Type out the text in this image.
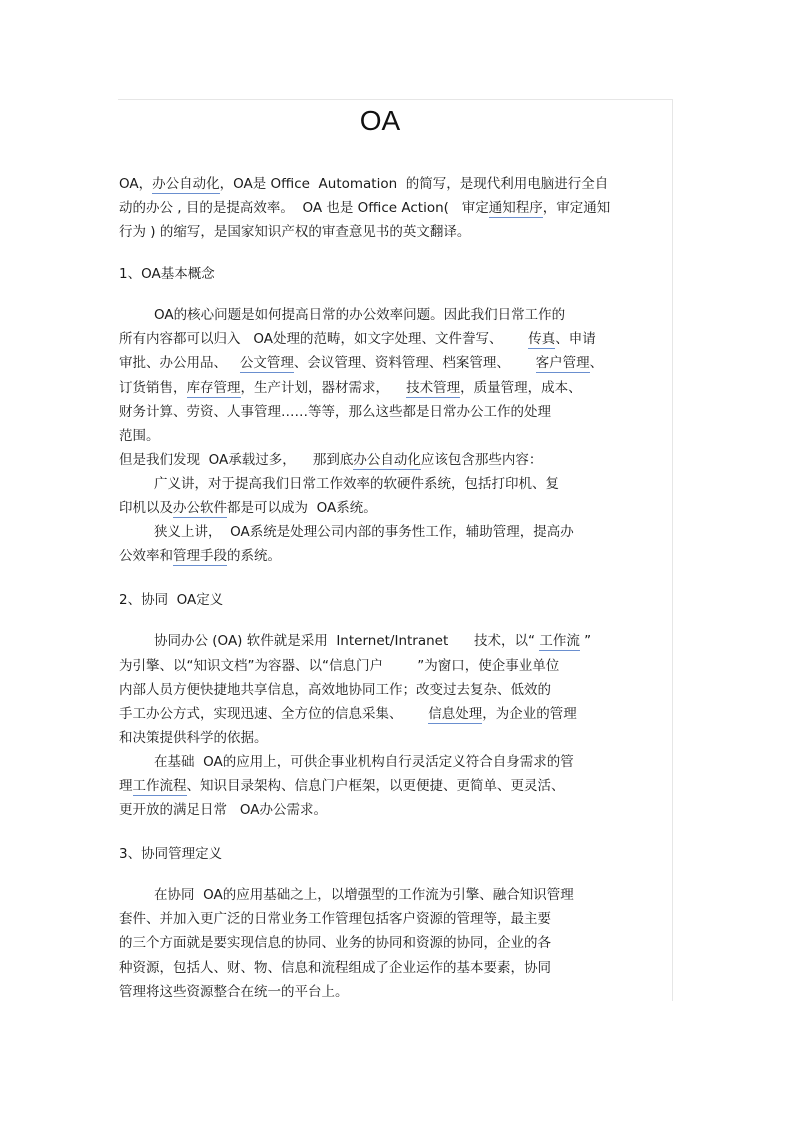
OA
OA，办公自动化，OA是 Office  Automation  的简写，是现代利用电脑进行全自
动的办公 , 目的是提高效率。  OA 也是 Office Action(   审定通知程序，审定通知
行为 ) 的缩写，是国家知识产权的审查意见书的英文翻译。
1、OA基本概念
OA的核心问题是如何提高日常的办公效率问题。因此我们日常工作的
所有内容都可以归入   OA处理的范畴，如文字处理、文件誊写、      传真、申请
审批、办公用品、   公文管理、会议管理、资料管理、档案管理、      客户管理、
订货销售，库存管理，生产计划，器材需求，    技术管理，质量管理，成本、
财务计算、劳资、人事管理……等等，那么这些都是日常办公工作的处理
范围。
但是我们发现  OA承载过多，    那到底办公自动化应该包含那些内容：
广义讲，对于提高我们日常工作效率的软硬件系统，包括打印机、复
印机以及办公软件都是可以成为  OA系统。
狭义上讲，  OA系统是处理公司内部的事务性工作，辅助管理，提高办
公效率和管理手段的系统。
2、协同  OA定义
协同办公 (OA) 软件就是采用  Internet/Intranet      技术，以“ 工作流 ”
为引擎、以“知识文档”为容器、以“信息门户        ”为窗口，使企事业单位
内部人员方便快捷地共享信息，高效地协同工作；改变过去复杂、低效的
手工办公方式，实现迅速、全方位的信息采集、      信息处理，为企业的管理
和决策提供科学的依据。
在基础  OA的应用上，可供企事业机构自行灵活定义符合自身需求的管
理工作流程、知识目录架构、信息门户框架，以更便捷、更简单、更灵活、
更开放的满足日常   OA办公需求。
3、协同管理定义
在协同  OA的应用基础之上，以增强型的工作流为引擎、融合知识管理
套件、并加入更广泛的日常业务工作管理包括客户资源的管理等，最主要
的三个方面就是要实现信息的协同、业务的协同和资源的协同，企业的各
种资源，包括人、财、物、信息和流程组成了企业运作的基本要素，协同
管理将这些资源整合在统一的平台上。
